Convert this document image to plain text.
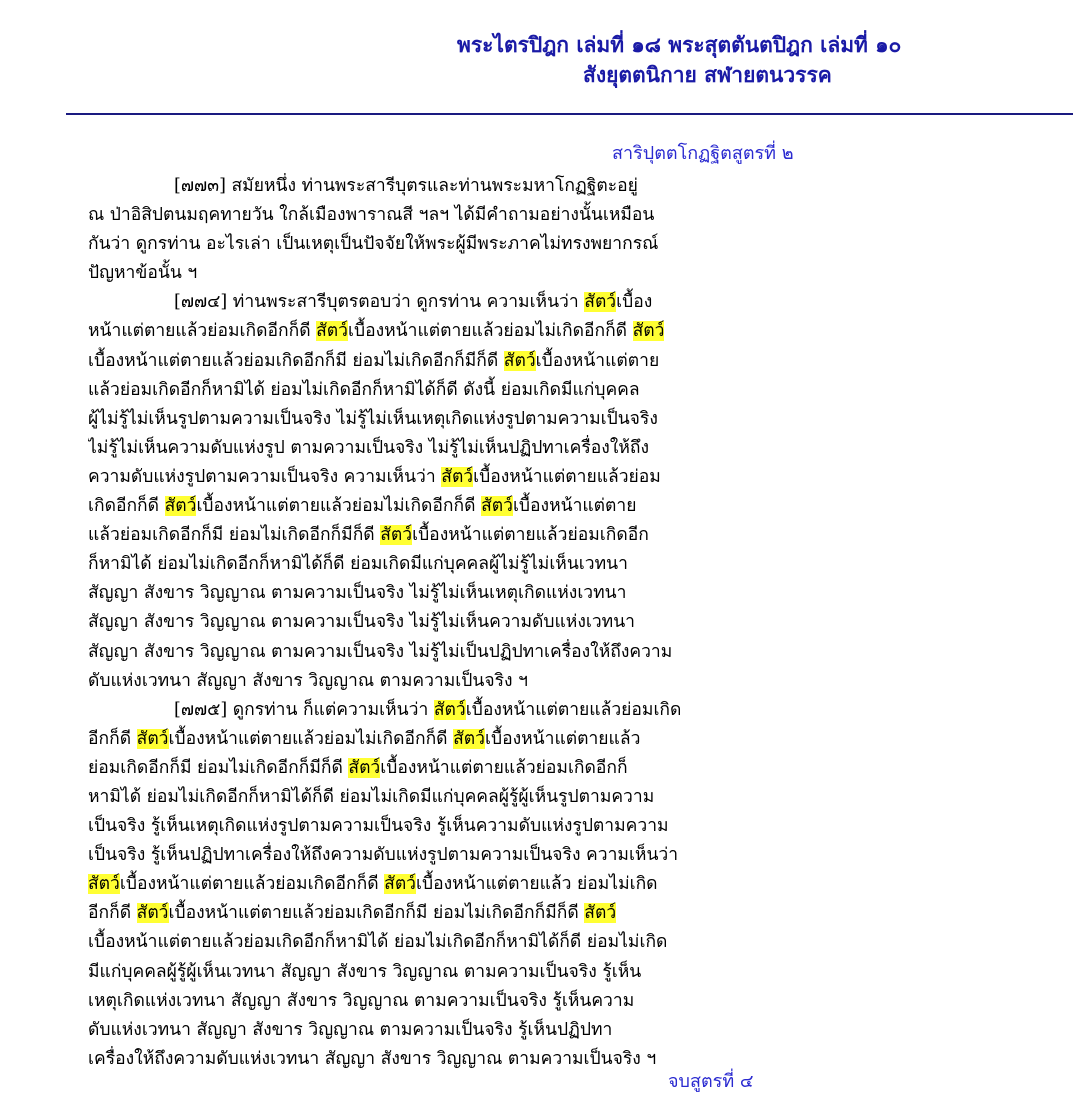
พระไตรปิฎก เล่มที่ ๑๘ พระสุตตันตปิฎก เล่มที่ ๑๐
สังยุตตนิกาย สฬายตนวรรค
สาริปุตตโกฏฐิตสูตรที่ ๒
[๗๗๓] สมัยหนึ่ง ท่านพระสารีบุตรและท่านพระมหาโกฏฐิตะอยู่
ณ ป่าอิสิปตนมฤคทายวัน ใกล้เมืองพาราณสี ฯลฯ ได้มีคำถามอย่างนั้นเหมือน
กันว่า ดูกรท่าน อะไรเล่า เป็นเหตุเป็นปัจจัยให้พระผู้มีพระภาคไม่ทรงพยากรณ์
ปัญหาข้อนั้น ฯ
[๗๗๔] ท่านพระสารีบุตรตอบว่า ดูกรท่าน ความเห็นว่า สัตว์เบื้อง
หน้าแต่ตายแล้วย่อมเกิดอีกก็ดี สัตว์เบื้องหน้าแต่ตายแล้วย่อมไม่เกิดอีกก็ดี สัตว์
เบื้องหน้าแต่ตายแล้วย่อมเกิดอีกก็มี ย่อมไม่เกิดอีกก็มีก็ดี สัตว์เบื้องหน้าแต่ตาย
แล้วย่อมเกิดอีกก็หามิได้ ย่อมไม่เกิดอีกก็หามิได้ก็ดี ดังนี้ ย่อมเกิดมีแก่บุคคล
ผู้ไม่รู้ไม่เห็นรูปตามความเป็นจริง ไม่รู้ไม่เห็นเหตุเกิดแห่งรูปตามความเป็นจริง
ไม่รู้ไม่เห็นความดับแห่งรูป ตามความเป็นจริง ไม่รู้ไม่เห็นปฏิปทาเครื่องให้ถึง
ความดับแห่งรูปตามความเป็นจริง ความเห็นว่า สัตว์เบื้องหน้าแต่ตายแล้วย่อม
เกิดอีกก็ดี สัตว์เบื้องหน้าแต่ตายแล้วย่อมไม่เกิดอีกก็ดี สัตว์เบื้องหน้าแต่ตาย
แล้วย่อมเกิดอีกก็มี ย่อมไม่เกิดอีกก็มีก็ดี สัตว์เบื้องหน้าแต่ตายแล้วย่อมเกิดอีก
ก็หามิได้ ย่อมไม่เกิดอีกก็หามิได้ก็ดี ย่อมเกิดมีแก่บุคคลผู้ไม่รู้ไม่เห็นเวทนา
สัญญา สังขาร วิญญาณ ตามความเป็นจริง ไม่รู้ไม่เห็นเหตุเกิดแห่งเวทนา
สัญญา สังขาร วิญญาณ ตามความเป็นจริง ไม่รู้ไม่เห็นความดับแห่งเวทนา
สัญญา สังขาร วิญญาณ ตามความเป็นจริง ไม่รู้ไม่เป็นปฏิปทาเครื่องให้ถึงความ
ดับแห่งเวทนา สัญญา สังขาร วิญญาณ ตามความเป็นจริง ฯ
[๗๗๕] ดูกรท่าน ก็แต่ความเห็นว่า สัตว์เบื้องหน้าแต่ตายแล้วย่อมเกิด
อีกก็ดี สัตว์เบื้องหน้าแต่ตายแล้วย่อมไม่เกิดอีกก็ดี สัตว์เบื้องหน้าแต่ตายแล้ว
ย่อมเกิดอีกก็มี ย่อมไม่เกิดอีกก็มีก็ดี สัตว์เบื้องหน้าแต่ตายแล้วย่อมเกิดอีกก็
หามิได้ ย่อมไม่เกิดอีกก็หามิได้ก็ดี ย่อมไม่เกิดมีแก่บุคคลผู้รู้ผู้เห็นรูปตามความ
เป็นจริง รู้เห็นเหตุเกิดแห่งรูปตามความเป็นจริง รู้เห็นความดับแห่งรูปตามความ
เป็นจริง รู้เห็นปฏิปทาเครื่องให้ถึงความดับแห่งรูปตามความเป็นจริง ความเห็นว่า
สัตว์เบื้องหน้าแต่ตายแล้วย่อมเกิดอีกก็ดี สัตว์เบื้องหน้าแต่ตายแล้ว ย่อมไม่เกิด
อีกก็ดี สัตว์เบื้องหน้าแต่ตายแล้วย่อมเกิดอีกก็มี ย่อมไม่เกิดอีกก็มีก็ดี สัตว์
เบื้องหน้าแต่ตายแล้วย่อมเกิดอีกก็หามิได้ ย่อมไม่เกิดอีกก็หามิได้ก็ดี ย่อมไม่เกิด
มีแก่บุคคลผู้รู้ผู้เห็นเวทนา สัญญา สังขาร วิญญาณ ตามความเป็นจริง รู้เห็น
เหตุเกิดแห่งเวทนา สัญญา สังขาร วิญญาณ ตามความเป็นจริง รู้เห็นความ
ดับแห่งเวทนา สัญญา สังขาร วิญญาณ ตามความเป็นจริง รู้เห็นปฏิปทา
เครื่องให้ถึงความดับแห่งเวทนา สัญญา สังขาร วิญญาณ ตามความเป็นจริง ฯ
จบสูตรที่ ๔
